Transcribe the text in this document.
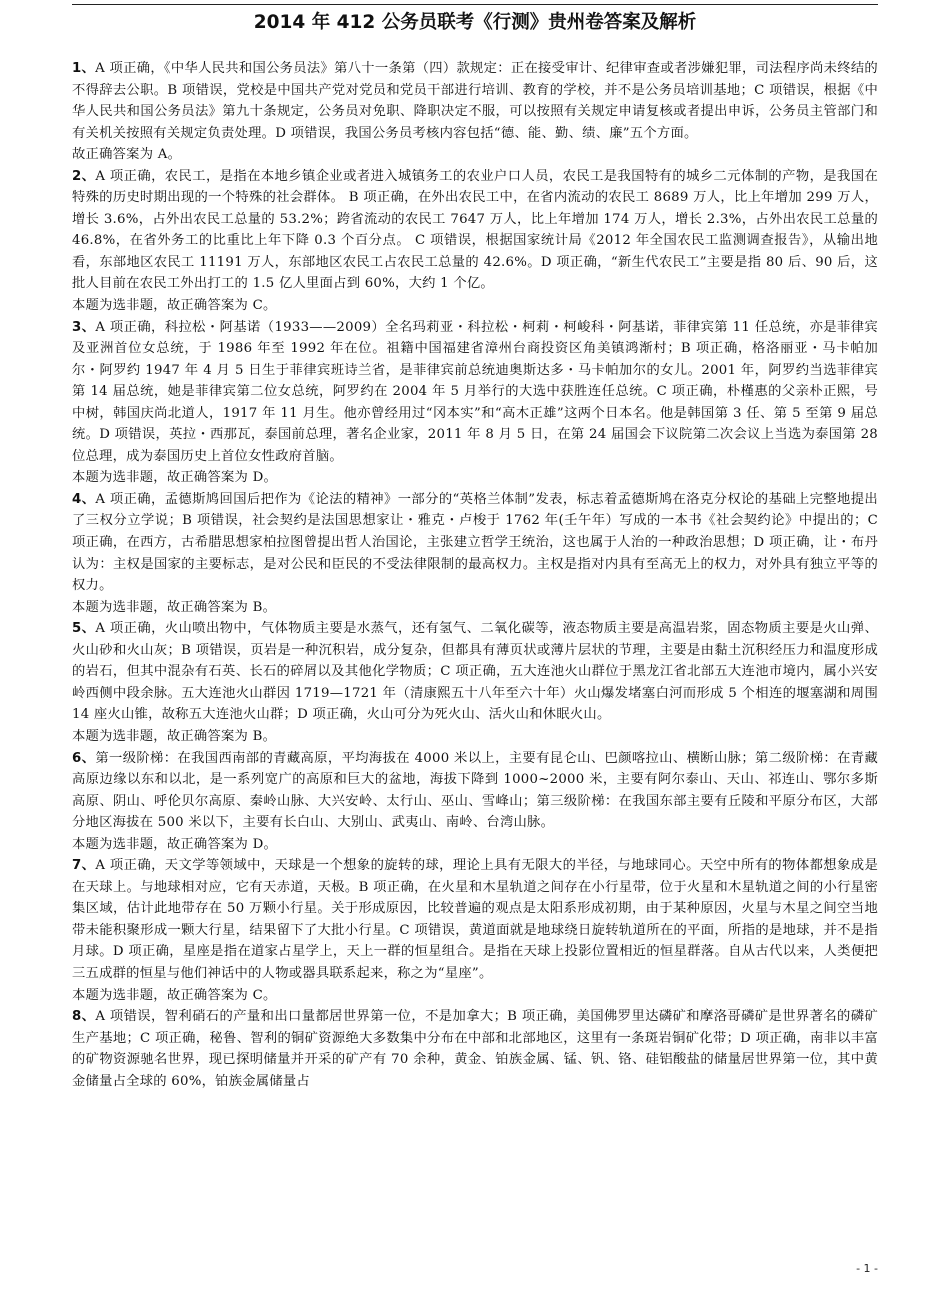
2014 年 412 公务员联考《行测》贵州卷答案及解析

1、A 项正确，《中华人民共和国公务员法》第八十一条第（四）款规定：正在接受审计、纪律审查或者涉嫌犯罪，司法程序尚未终结的不得辞去公职。B 项错误，党校是中国共产党对党员和党员干部进行培训、教育的学校，并不是公务员培训基地；C 项错误，根据《中华人民共和国公务员法》第九十条规定，公务员对免职、降职决定不服，可以按照有关规定申请复核或者提出申诉，公务员主管部门和有关机关按照有关规定负责处理。D 项错误，我国公务员考核内容包括“德、能、勤、绩、廉”五个方面。

故正确答案为 A。

2、A 项正确，农民工，是指在本地乡镇企业或者进入城镇务工的农业户口人员，农民工是我国特有的城乡二元体制的产物，是我国在特殊的历史时期出现的一个特殊的社会群体。 B 项正确，在外出农民工中，在省内流动的农民工 8689 万人，比上年增加 299 万人，增长 3.6%，占外出农民工总量的 53.2%；跨省流动的农民工 7647 万人，比上年增加 174 万人，增长 2.3%，占外出农民工总量的 46.8%，在省外务工的比重比上年下降 0.3 个百分点。 C 项错误，根据国家统计局《2012 年全国农民工监测调查报告》，从输出地看，东部地区农民工 11191 万人，东部地区农民工占农民工总量的 42.6%。D 项正确，“新生代农民工”主要是指 80 后、90 后，这批人目前在农民工外出打工的 1.5 亿人里面占到 60%，大约 1 个亿。

本题为选非题，故正确答案为 C。

3、A 项正确，科拉松・阿基诺（1933——2009）全名玛莉亚・科拉松・柯莉・柯峻科・阿基诺，菲律宾第 11 任总统，亦是菲律宾及亚洲首位女总统，于 1986 年至 1992 年在位。祖籍中国福建省漳州台商投资区角美镇鸿渐村；B 项正确，格洛丽亚・马卡帕加尔・阿罗约 1947 年 4 月 5 日生于菲律宾班诗兰省，是菲律宾前总统迪奥斯达多・马卡帕加尔的女儿。2001 年，阿罗约当选菲律宾第 14 届总统，她是菲律宾第二位女总统，阿罗约在 2004 年 5 月举行的大选中获胜连任总统。C 项正确，朴槿惠的父亲朴正熙，号中树，韩国庆尚北道人，1917 年 11 月生。他亦曾经用过“冈本实”和“高木正雄”这两个日本名。他是韩国第 3 任、第 5 至第 9 届总统。D 项错误，英拉・西那瓦，泰国前总理，著名企业家，2011 年 8 月 5 日，在第 24 届国会下议院第二次会议上当选为泰国第 28 位总理，成为泰国历史上首位女性政府首脑。

本题为选非题，故正确答案为 D。

4、A 项正确，孟德斯鸠回国后把作为《论法的精神》一部分的“英格兰体制”发表，标志着孟德斯鸠在洛克分权论的基础上完整地提出了三权分立学说；B 项错误，社会契约是法国思想家让・雅克・卢梭于 1762 年(壬午年）写成的一本书《社会契约论》中提出的；C 项正确，在西方，古希腊思想家柏拉图曾提出哲人治国论，主张建立哲学王统治，这也属于人治的一种政治思想；D 项正确，让・布丹认为：主权是国家的主要标志，是对公民和臣民的不受法律限制的最高权力。主权是指对内具有至高无上的权力，对外具有独立平等的权力。

本题为选非题，故正确答案为 B。

5、A 项正确，火山喷出物中，气体物质主要是水蒸气，还有氢气、二氧化碳等，液态物质主要是高温岩浆，固态物质主要是火山弹、火山砂和火山灰；B 项错误，页岩是一种沉积岩，成分复杂，但都具有薄页状或薄片层状的节理，主要是由黏土沉积经压力和温度形成的岩石，但其中混杂有石英、长石的碎屑以及其他化学物质；C 项正确，五大连池火山群位于黑龙江省北部五大连池市境内，属小兴安岭西侧中段余脉。五大连池火山群因 1719—1721 年（清康熙五十八年至六十年）火山爆发堵塞白河而形成 5 个相连的堰塞湖和周围 14 座火山锥，故称五大连池火山群；D 项正确，火山可分为死火山、活火山和休眠火山。

本题为选非题，故正确答案为 B。

6、第一级阶梯：在我国西南部的青藏高原，平均海拔在 4000 米以上，主要有昆仑山、巴颜喀拉山、横断山脉；第二级阶梯：在青藏高原边缘以东和以北，是一系列宽广的高原和巨大的盆地，海拔下降到 1000~2000 米，主要有阿尔泰山、天山、祁连山、鄂尔多斯高原、阴山、呼伦贝尔高原、秦岭山脉、大兴安岭、太行山、巫山、雪峰山；第三级阶梯：在我国东部主要有丘陵和平原分布区，大部分地区海拔在 500 米以下，主要有长白山、大别山、武夷山、南岭、台湾山脉。

本题为选非题，故正确答案为 D。

7、A 项正确，天文学等领域中，天球是一个想象的旋转的球，理论上具有无限大的半径，与地球同心。天空中所有的物体都想象成是在天球上。与地球相对应，它有天赤道，天极。B 项正确，在火星和木星轨道之间存在小行星带，位于火星和木星轨道之间的小行星密集区域，估计此地带存在 50 万颗小行星。关于形成原因，比较普遍的观点是太阳系形成初期，由于某种原因，火星与木星之间空当地带未能积聚形成一颗大行星，结果留下了大批小行星。C 项错误，黄道面就是地球绕日旋转轨道所在的平面，所指的是地球，并不是指月球。D 项正确，星座是指在道家占星学上，天上一群的恒星组合。是指在天球上投影位置相近的恒星群落。自从古代以来，人类便把三五成群的恒星与他们神话中的人物或器具联系起来，称之为“星座”。

本题为选非题，故正确答案为 C。

8、A 项错误，智利硝石的产量和出口量都居世界第一位，不是加拿大；B 项正确，美国佛罗里达磷矿和摩洛哥磷矿是世界著名的磷矿生产基地；C 项正确，秘鲁、智利的铜矿资源绝大多数集中分布在中部和北部地区，这里有一条斑岩铜矿化带；D 项正确，南非以丰富的矿物资源驰名世界，现已探明储量并开采的矿产有 70 余种，黄金、铂族金属、锰、钒、铬、硅铝酸盐的储量居世界第一位，其中黄金储量占全球的 60%，铂族金属储量占

- 1 -
